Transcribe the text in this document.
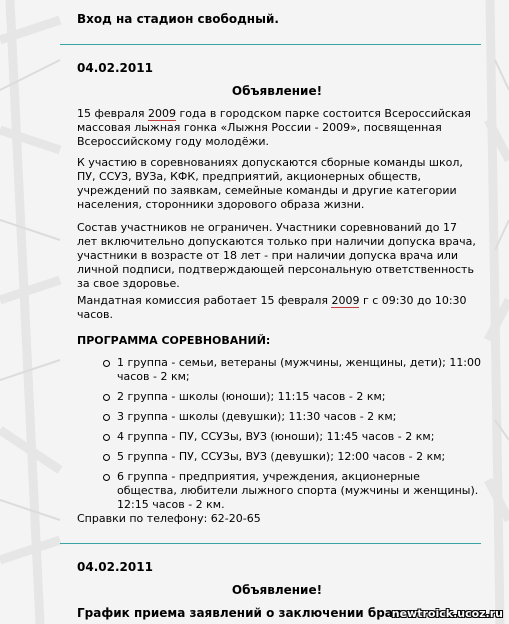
Вход на стадион свободный.
04.02.2011
Объявление!
15 февраля 2009 года в городском парке состоится Всероссийская массовая лыжная гонка «Лыжня России - 2009», посвященная Всероссийскому году молодёжи.
К участию в соревнованиях допускаются сборные команды школ, ПУ, ССУЗ, ВУЗа, КФК, предприятий, акционерных обществ, учреждений по заявкам, семейные команды и другие категории населения, сторонники здорового образа жизни.
Состав участников не ограничен. Участники соревнований до 17 лет включительно допускаются только при наличии допуска врача, участники в возрасте от 18 лет - при наличии допуска врача или личной подписи, подтверждающей персональную ответственность за свое здоровье.
Мандатная комиссия работает 15 февраля 2009 г с 09:30 до 10:30 часов.
ПРОГРАММА СОРЕВНОВАНИЙ:
1 группа - семьи, ветераны (мужчины, женщины, дети); 11:00 часов - 2 км;
2 группа - школы (юноши); 11:15 часов - 2 км;
3 группа - школы (девушки); 11:30 часов - 2 км;
4 группа - ПУ, ССУЗы, ВУЗ (юноши); 11:45 часов - 2 км;
5 группа - ПУ, ССУЗы, ВУЗ (девушки); 12:00 часов - 2 км;
6 группа - предприятия, учреждения, акционерные общества, любители лыжного спорта (мужчины и женщины). 12:15 часов - 2 км.
Справки по телефону: 62-20-65
04.02.2011
Объявление!
График приема заявлений о заключении брак
newtroick.ucoz.ru
